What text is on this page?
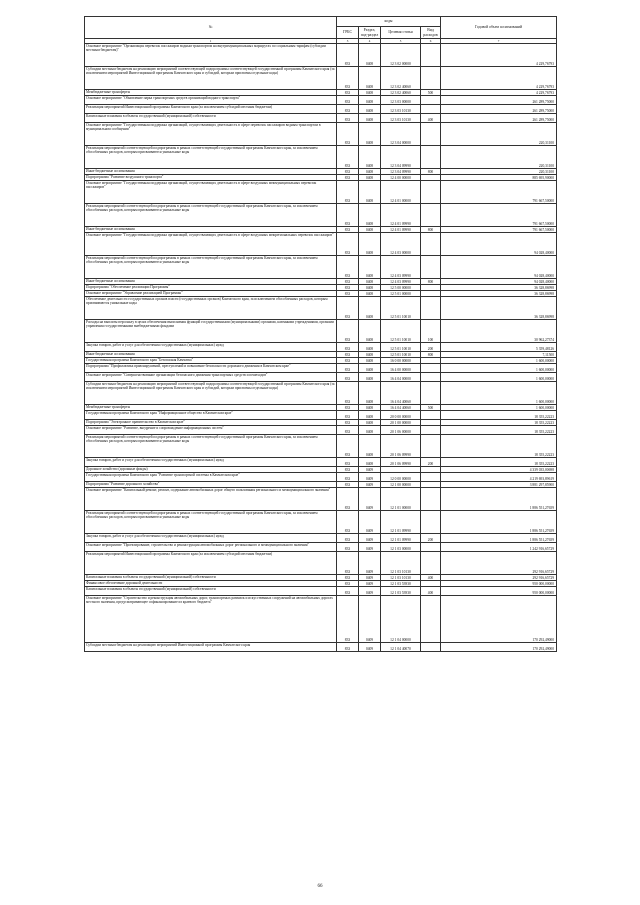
№	коды				Годовой объем ассигнований
	ГРБС	Раздел, под-раздел	Целевая статья	Вид расходов	
1	3	4	5	6	7
Основное мероприятие "Организация перевозок пассажиров водным транспортом на внутримуниципальных маршрутах по социальным тарифам (субсидии местным бюджетам)"	833	0408	12 3 02 00000		4 229,76793
Субсидии местным бюджетам на реализацию мероприятий соответствующей подпрограммы соответствующей государственной программы Камчатского края (за исключением мероприятий Инвестиционной программы Камчатского края и субсидий, которым присвоены отдельные коды)	833	0408	12 3 02 40060		4 229,76793
Межбюджетные трансферты	833	0408	12 3 02 40060	500	4 229,76793
Основное мероприятие "Обновление парка транспортных средств организаций водного транспорта"	833	0408	12 3 03 00000		261 289,75000
Реализация мероприятий Инвестиционной программы Камчатского края (за исключением субсидий местным бюджетам)	833	0408	12 3 03 10130		261 289,75000
Капитальные вложения в объекты государственной (муниципальной) собственности	833	0408	12 3 03 10130	400	261 289,75000
Основное мероприятие "Государственная поддержка организаций, осуществляющих деятельность в сфере перевозок пассажиров водным транспортом в муниципальном сообщении"	833	0408	12 3 04 00000		220,31100
Реализация мероприятий соответствующей подпрограммы в рамках соответствующей государственной программы Камчатского края, за исключением обособленных расходов, которым присваиваются уникальные коды	833	0408	12 3 04 09990		220,31100
Иные бюджетные ассигнования	833	0408	12 3 04 09990	800	220,31100
Подпрограмма "Развитие воздушного транспорта"	833	0408	12 4 00 00000		885 695,90000
Основное мероприятие "Государственная поддержка организаций, осуществляющих деятельность в сфере воздушных межмуниципальных перевозок пассажиров"	833	0408	12 4 01 00000		791 667,50000
Реализация мероприятий соответствующей подпрограммы в рамках соответствующей государственной программы Камчатского края, за исключением обособленных расходов, которым присваиваются уникальные коды	833	0408	12 4 01 09990		791 667,50000
Иные бюджетные ассигнования	833	0408	12 4 01 09990	800	791 667,50000
Основное мероприятие "Государственная поддержка организаций, осуществляющих деятельность в сфере воздушных межрегиональных перевозок пассажиров"	833	0408	12 4 03 00000		94 028,40000
Реализация мероприятий соответствующей подпрограммы в рамках соответствующей государственной программы Камчатского края, за исключением обособленных расходов, которым присваиваются уникальные коды	833	0408	12 4 03 09990		94 028,40000
Иные бюджетные ассигнования	833	0408	12 4 03 09990	800	94 028,40000
Подпрограмма "Обеспечение реализации Программы"	833	0408	12 5 00 00000		36 328,86998
Основное мероприятие "Управление реализацией Программы"	833	0408	12 5 01 00000		36 328,86998
Обеспечение деятельности государственных органов власти (государственных органов) Камчатского края, за исключением обособленных расходов, которым присваиваются уникальные коды	833	0408	12 5 01 10010		36 328,86998
Расходы на выплаты персоналу в целях обеспечения выполнения функций государственными (муниципальными) органами, казенными учреждениями, органами управления государственными внебюджетными фондами	833	0408	12 5 01 10010	100	30 962,27374
Закупка товаров, работ и услуг для обеспечения государственных (муниципальных) нужд	833	0408	12 5 01 10010	200	5 359,48126
Иные бюджетные ассигнования	833	0408	12 5 01 10010	800	7,11500
Государственная программа Камчатского края "Безопасная Камчатка"	833	0408	16 0 00 00000		1 600,00000
Подпрограмма "Профилактика правонарушений, преступлений и повышение безопасности дорожного движения в Камчатском крае"	833	0408	16 4 00 00000		1 600,00000
Основное мероприятие "Совершенствование организации безопасного движения транспортных средств и пешеходов"	833	0408	16 4 04 00000		1 600,00000
Субсидии местным бюджетам на реализацию мероприятий соответствующей подпрограммы соответствующей государственной программы Камчатского края (за исключением мероприятий Инвестиционной программы Камчатского края и субсидий, которым присвоены отдельные коды)	833	0408	16 4 04 40060		1 600,00000
Межбюджетные трансферты	833	0408	16 4 04 40060	500	1 600,00000
Государственная программа Камчатского края "Информационное общество в Камчатском крае"	833	0408	20 0 00 00000		18 355,22223
Подпрограмма "Электронное правительство в Камчатском крае"	833	0408	20 1 00 00000		18 355,22223
Основное мероприятие "Развитие, внедрение и сопровождение информационных систем"	833	0408	20 1 06 00000		18 355,22223
Реализация мероприятий соответствующей подпрограммы в рамках соответствующей государственной программы Камчатского края, за исключением обособленных расходов, которым присваиваются уникальные коды	833	0408	20 1 06 09990		18 355,22223
Закупка товаров, работ и услуг для обеспечения государственных (муниципальных) нужд	833	0408	20 1 06 09990	200	18 355,22223
Дорожное хозяйство (дорожные фонды)	833	0409			4 339 035,00698
Государственная программа Камчатского края "Развитие транспортной системы в Камчатском крае"	833	0409	12 0 00 00000		4 219 693,89619
Подпрограмма "Развитие дорожного хозяйства"	833	0409	12 1 00 00000		3 881 297,85900
Основное мероприятие "Капитальный ремонт, ремонт, содержание автомобильных дорог общего пользования регионального и межмуниципального значения"	833	0409	12 1 01 00000		1 886 551,27659
Реализация мероприятий соответствующей подпрограммы в рамках соответствующей государственной программы Камчатского края, за исключением обособленных расходов, которым присваиваются уникальные коды	833	0409	12 1 01 09990		1 886 551,27659
Закупка товаров, работ и услуг для обеспечения государственных (муниципальных) нужд	833	0409	12 1 01 09990	200	1 886 551,27659
Основное мероприятие "Проектирование, строительство и реконструкция автомобильных дорог регионального и межмуниципального значения"	833	0409	12 1 03 00000		1 242 916,65729
Реализация мероприятий Инвестиционной программы Камчатского края (за исключением субсидий местным бюджетам)	833	0409	12 1 03 10130		292 916,65729
Капитальные вложения в объекты государственной (муниципальной) собственности	833	0409	12 1 03 10130	400	292 916,65729
Финансовое обеспечение дорожной деятельности	833	0409	12 1 03 53930		950 000,00000
Капитальные вложения в объекты государственной (муниципальной) собственности	833	0409	12 1 03 53930	400	950 000,00000
Основное мероприятие "Строительство и реконструкция автомобильных дорог, транспортных развязок и искусственных сооружений на автомобильных дорогах местного значения, предусматривающее софинансирование из краевого бюджета"	833	0409	12 1 04 00000		170 292,49000
Субсидии местным бюджетам на реализацию мероприятий Инвестиционной программы Камчатского края	833	0409	12 1 04 40070		170 292,49000
66
